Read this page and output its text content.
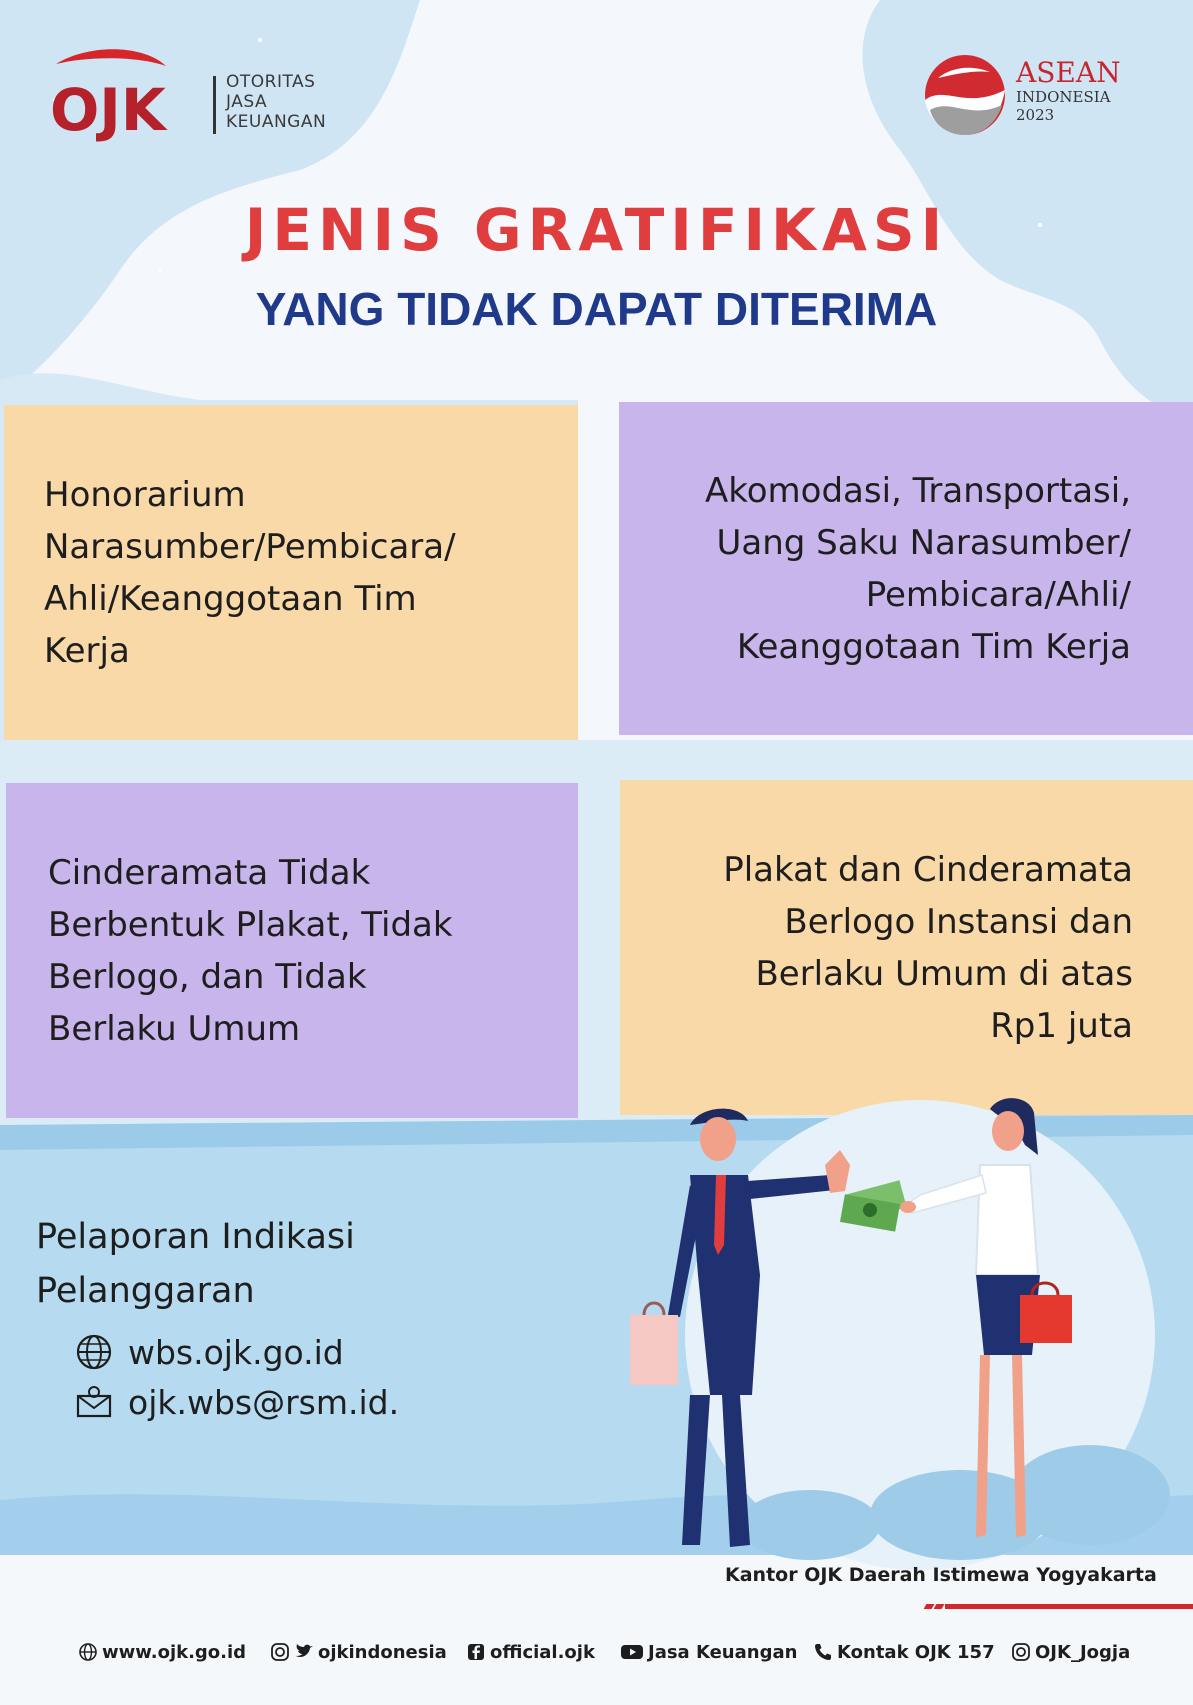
OJK	OTORITAS
JASA
KEUANGAN
ASEAN
INDONESIA
2023
JENIS GRATIFIKASI
YANG TIDAK DAPAT DITERIMA

Honorarium
Narasumber/Pembicara/
Ahli/Keanggotaan Tim
Kerja

Akomodasi, Transportasi,
Uang Saku Narasumber/
Pembicara/Ahli/
Keanggotaan Tim Kerja

Cinderamata Tidak
Berbentuk Plakat, Tidak
Berlogo, dan Tidak
Berlaku Umum

Plakat dan Cinderamata
Berlogo Instansi dan
Berlaku Umum di atas
Rp1 juta

Pelaporan Indikasi
Pelanggaran
wbs.ojk.go.id
ojk.wbs@rsm.id.
Kantor OJK Daerah Istimewa Yogyakarta
www.ojk.go.id	ojkindonesia official.ojk	Jasa Keuangan Kontak OJK 157 OJK_Jogja
